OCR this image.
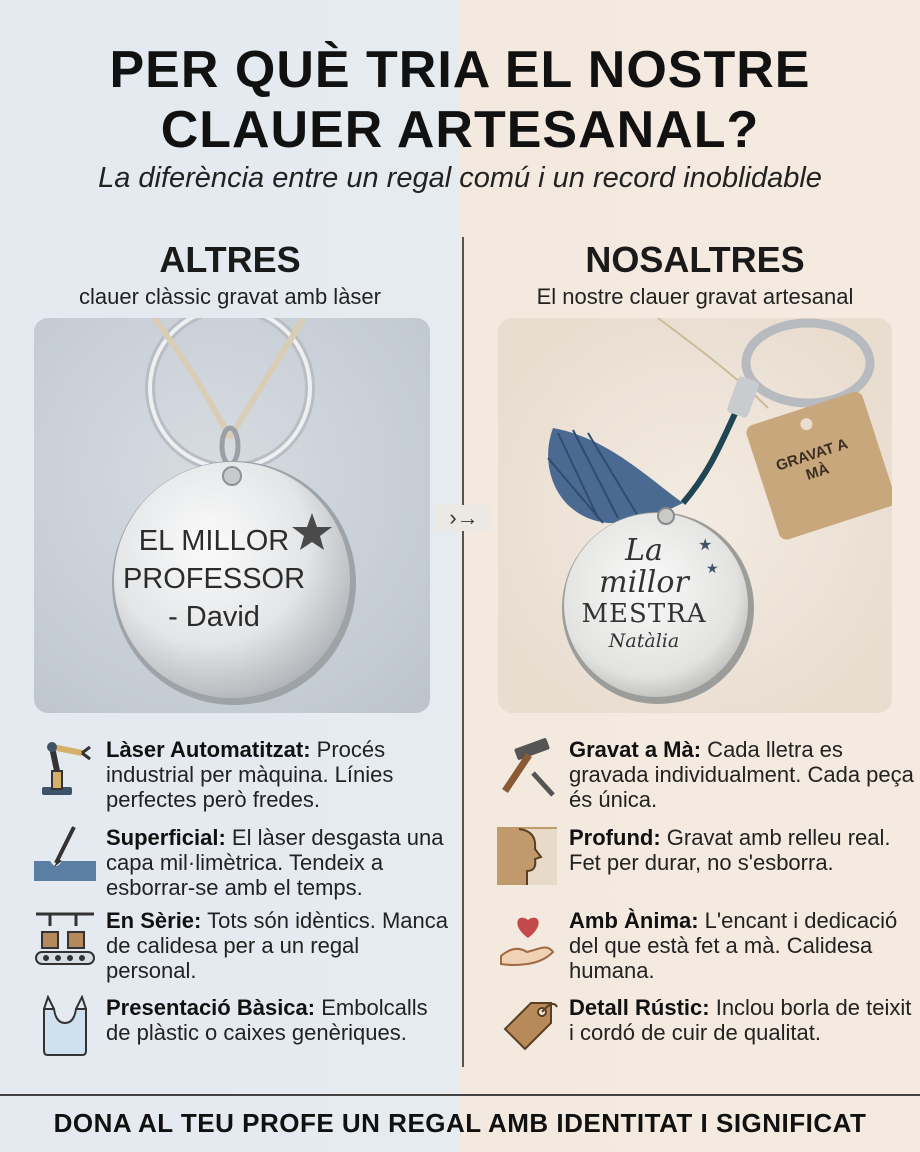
PER QUÈ TRIA EL NOSTRE
CLAUER ARTESANAL?
La diferència entre un regal comú i un record inoblidable
ALTRES

clauer clàssic gravat amb làser

NOSALTRES

El nostre clauer gravat artesanal

EL MILLOR
PROFESSOR
- David
›→
★
★
La
millor
MESTRA
Natàlia
GRAVAT A MÀ
Làser Automatitzat: Procés industrial per màquina. Línies perfectes però fredes.
Superficial: El làser desgasta una capa mil·limètrica. Tendeix a esborrar-se amb el temps.
En Sèrie: Tots són idèntics. Manca de calidesa per a un regal personal.
Presentació Bàsica: Embolcalls de plàstic o caixes genèriques.
Gravat a Mà: Cada lletra es gravada individualment. Cada peça és única.
Profund: Gravat amb relleu real. Fet per durar, no s'esborra.
Amb Ànima: L'encant i dedicació del que està fet a mà. Calidesa humana.
Detall Rústic: Inclou borla de teixit i cordó de cuir de qualitat.
DONA AL TEU PROFE UN REGAL AMB IDENTITAT I SIGNIFICAT
